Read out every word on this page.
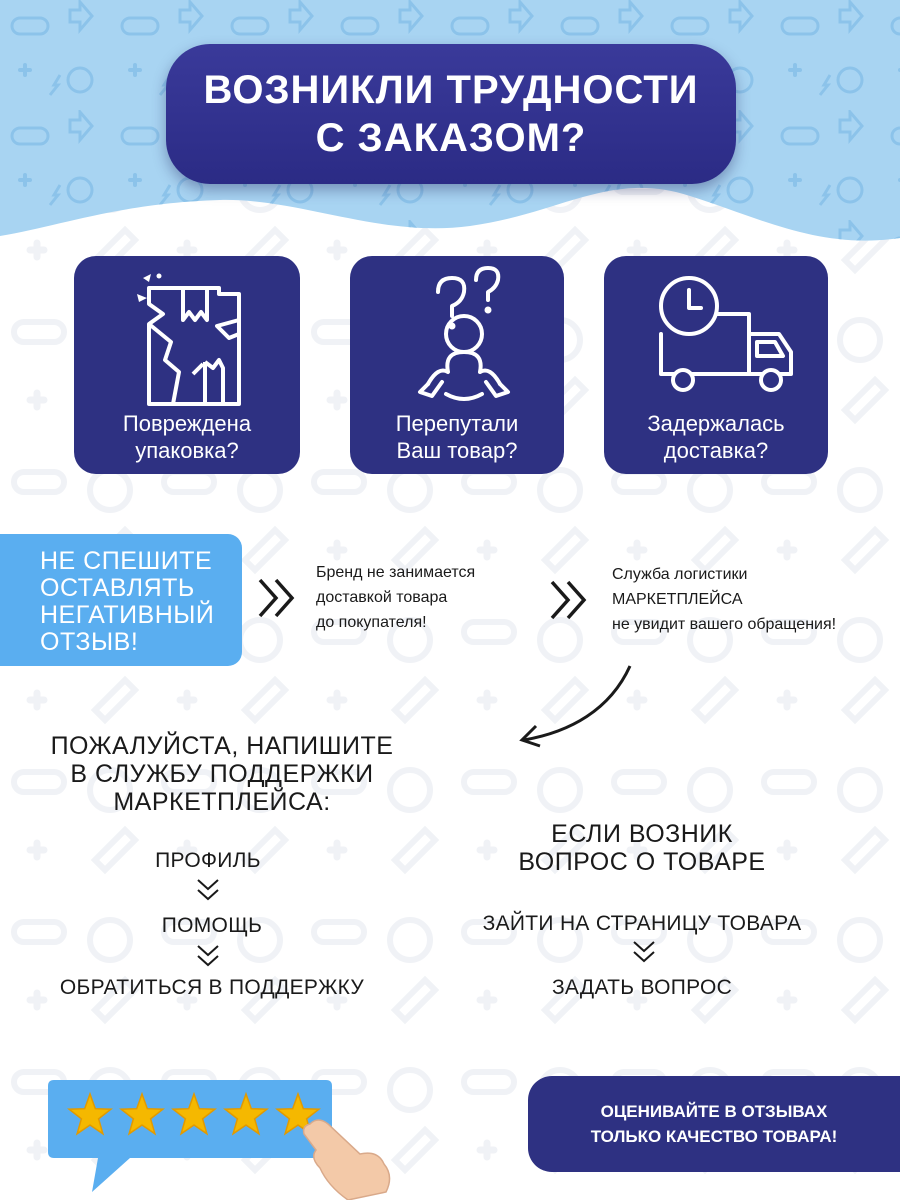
ВОЗНИКЛИ ТРУДНОСТИ
С ЗАКАЗОМ?
Повреждена
упаковка?
Перепутали
Ваш товар?
Задержалась
доставка?
НЕ СПЕШИТЕ
ОСТАВЛЯТЬ
НЕГАТИВНЫЙ
ОТЗЫВ!
Бренд не занимается
доставкой товара
до покупателя!
Служба логистики
МАРКЕТПЛЕЙСА
не увидит вашего обращения!
ПОЖАЛУЙСТА, НАПИШИТЕ
В СЛУЖБУ ПОДДЕРЖКИ
МАРКЕТПЛЕЙСА:
ПРОФИЛЬ
ПОМОЩЬ
ОБРАТИТЬСЯ В ПОДДЕРЖКУ
ЕСЛИ ВОЗНИК
ВОПРОС О ТОВАРЕ
ЗАЙТИ НА СТРАНИЦУ ТОВАРА
ЗАДАТЬ ВОПРОС
ОЦЕНИВАЙТЕ В ОТЗЫВАХ
ТОЛЬКО КАЧЕСТВО ТОВАРА!
